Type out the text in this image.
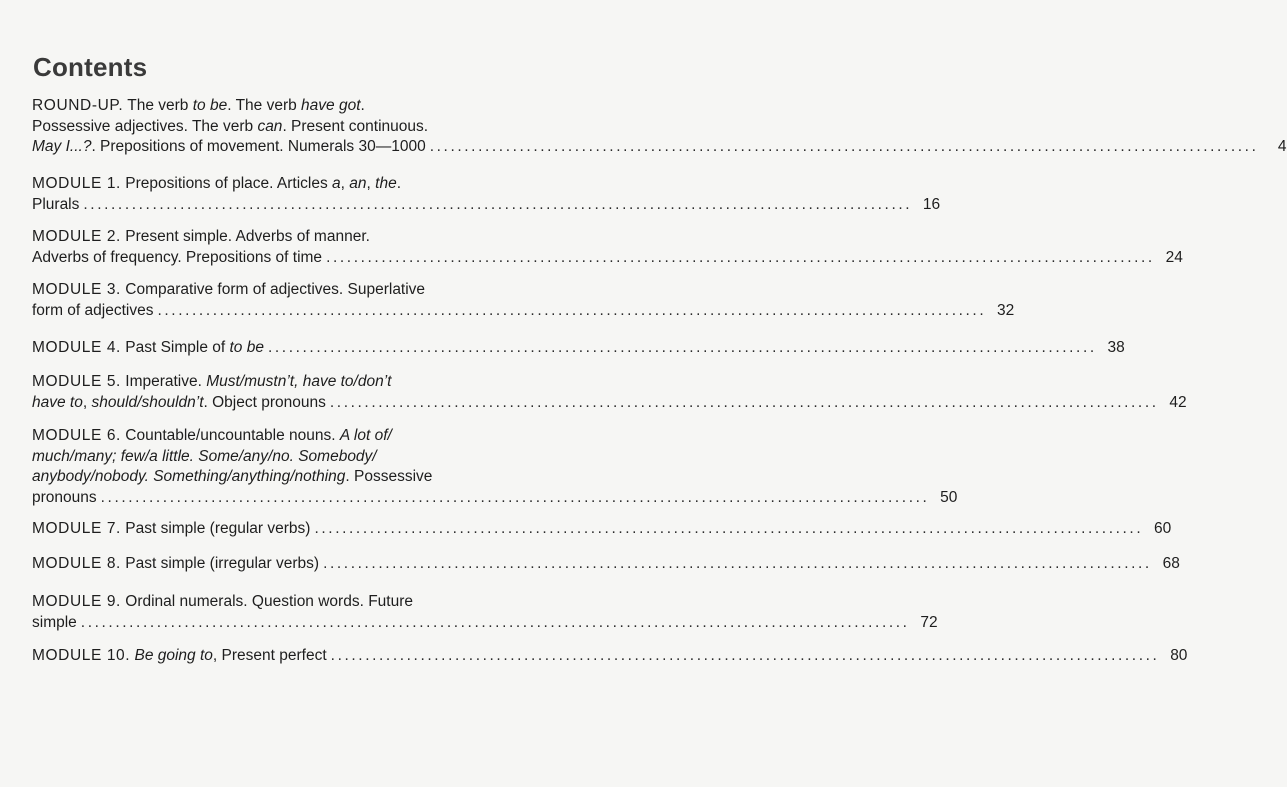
Contents
ROUND-UP. The verb to be. The verb have got.
Possessive adjectives. The verb can. Present continuous.
May I...?. Prepositions of movement. Numerals 30—1000 ........................................................................................................................	4
MODULE 1. Prepositions of place. Articles a, an, the.
Plurals ........................................................................................................................ 16
MODULE 2. Present simple. Adverbs of manner.
Adverbs of frequency. Prepositions of time ........................................................................................................................ 24
MODULE 3. Comparative form of adjectives. Superlative
form of adjectives ........................................................................................................................ 32
MODULE 4. Past Simple of to be ........................................................................................................................ 38
MODULE 5. Imperative. Must/mustn’t, have to/don’t
have to, should/shouldn’t. Object pronouns ........................................................................................................................ 42
MODULE 6. Countable/uncountable nouns. A lot of/
much/many; few/a little. Some/any/no. Somebody/
anybody/nobody. Something/anything/nothing. Possessive
pronouns ........................................................................................................................ 50
MODULE 7. Past simple (regular verbs) ........................................................................................................................ 60
MODULE 8. Past simple (irregular verbs) ........................................................................................................................ 68
MODULE 9. Ordinal numerals. Question words. Future
simple ........................................................................................................................ 72
MODULE 10. Be going to, Present perfect ........................................................................................................................ 80
